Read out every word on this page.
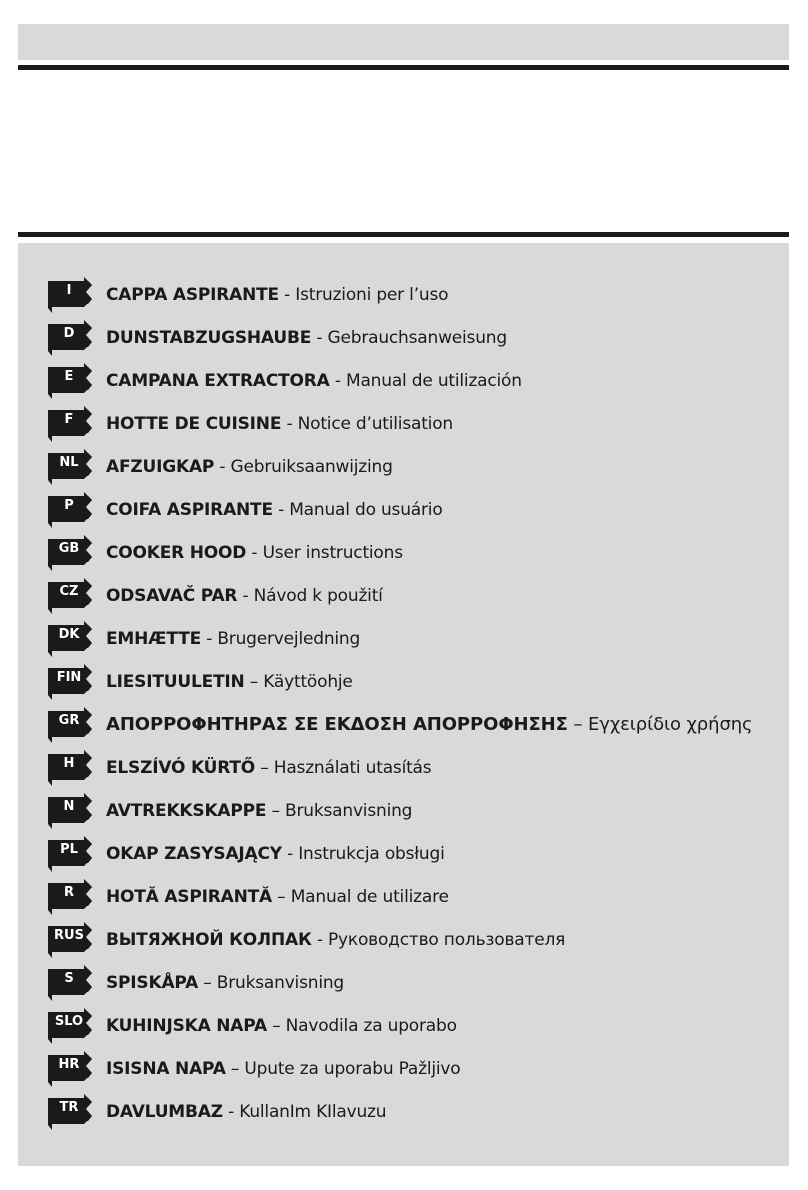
I	CAPPA ASPIRANTE - Istruzioni per l’uso
D	DUNSTABZUGSHAUBE - Gebrauchsanweisung
E	CAMPANA EXTRACTORA - Manual de utilización
F	HOTTE DE CUISINE - Notice d’utilisation
NL	AFZUIGKAP - Gebruiksaanwijzing
P	COIFA ASPIRANTE - Manual do usuário
GB	COOKER HOOD - User instructions
CZ	ODSAVAČ PAR - Návod k použití
DK	EMHÆTTE - Brugervejledning
FIN	LIESITUULETIN – Käyttöohje
GR	ΑΠΟΡΡΟΦΗΤΗΡΑΣ ΣΕ ΕΚΔΟΣΗ ΑΠΟΡΡΟΦΗΣΗΣ – Εγχειρίδιο χρήσης
H	ELSZÍVÓ KÜRTŐ – Használati utasítás
N	AVTREKKSKAPPE – Bruksanvisning
PL	OKAP ZASYSAJĄCY - Instrukcja obsługi
R	HOTĂ ASPIRANTĂ – Manual de utilizare
RUS	ВЫТЯЖНОЙ КОЛПАК - Руководство пользователя
S	SPISKÅPA – Bruksanvisning
SLO	KUHINJSKA NAPA – Navodila za uporabo
HR	ISISNA NAPA – Upute za uporabu Pažljivo
TR	DAVLUMBAZ - KullanIm KIlavuzu
